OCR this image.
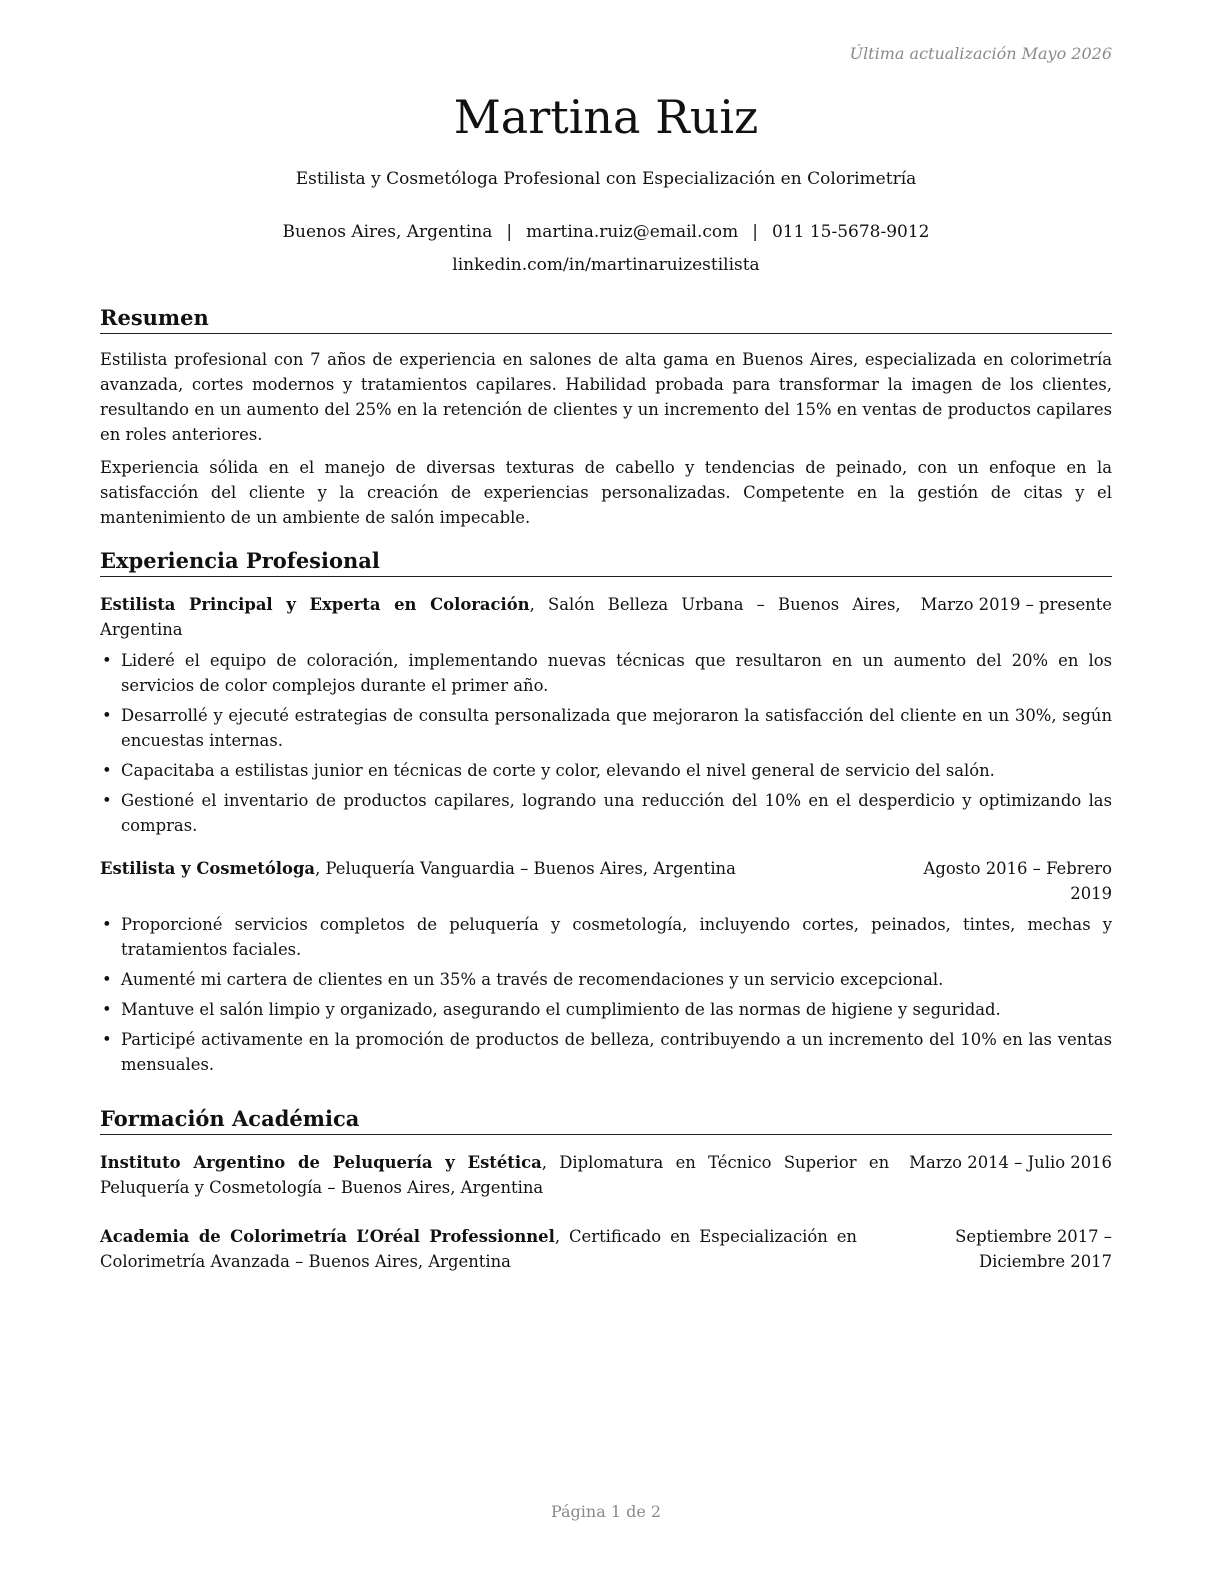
Última actualización Mayo 2026
Martina Ruiz
Estilista y Cosmetóloga Profesional con Especialización en Colorimetría
Buenos Aires, Argentina | martina.ruiz@email.com | 011 15-5678-9012
linkedin.com/in/martinaruizestilista
Resumen

Estilista profesional con 7 años de experiencia en salones de alta gama en Buenos Aires, especializada en colorimetría avanzada, cortes modernos y tratamientos capilares. Habilidad probada para transformar la imagen de los clientes, resultando en un aumento del 25% en la retención de clientes y un incremento del 15% en ventas de productos capilares en roles anteriores.

Experiencia sólida en el manejo de diversas texturas de cabello y tendencias de peinado, con un enfoque en la satisfacción del cliente y la creación de experiencias personalizadas. Competente en la gestión de citas y el mantenimiento de un ambiente de salón impecable.

Experiencia Profesional
Estilista Principal y Experta en Coloración, Salón Belleza Urbana – Buenos Aires, Argentina
Marzo 2019 – presente
• Lideré el equipo de coloración, implementando nuevas técnicas que resultaron en un aumento del 20% en los servicios de color complejos durante el primer año.
• Desarrollé y ejecuté estrategias de consulta personalizada que mejoraron la satisfacción del cliente en un 30%, según encuestas internas.
• Capacitaba a estilistas junior en técnicas de corte y color, elevando el nivel general de servicio del salón.
• Gestioné el inventario de productos capilares, logrando una reducción del 10% en el desperdicio y optimizando las compras.
Estilista y Cosmetóloga, Peluquería Vanguardia – Buenos Aires, Argentina	Agosto 2016 – Febrero 2019
• Proporcioné servicios completos de peluquería y cosmetología, incluyendo cortes, peinados, tintes, mechas y tratamientos faciales.
• Aumenté mi cartera de clientes en un 35% a través de recomendaciones y un servicio excepcional.
• Mantuve el salón limpio y organizado, asegurando el cumplimiento de las normas de higiene y seguridad.
• Participé activamente en la promoción de productos de belleza, contribuyendo a un incremento del 10% en las ventas mensuales.
Formación Académica
Instituto Argentino de Peluquería y Estética, Diplomatura en Técnico Superior en Peluquería y Cosmetología – Buenos Aires, Argentina
Marzo 2014 – Julio 2016
Academia de Colorimetría L’Oréal Professionnel, Certificado en Especialización en Colorimetría Avanzada – Buenos Aires, Argentina
Septiembre 2017 – Diciembre 2017
Página 1 de 2
